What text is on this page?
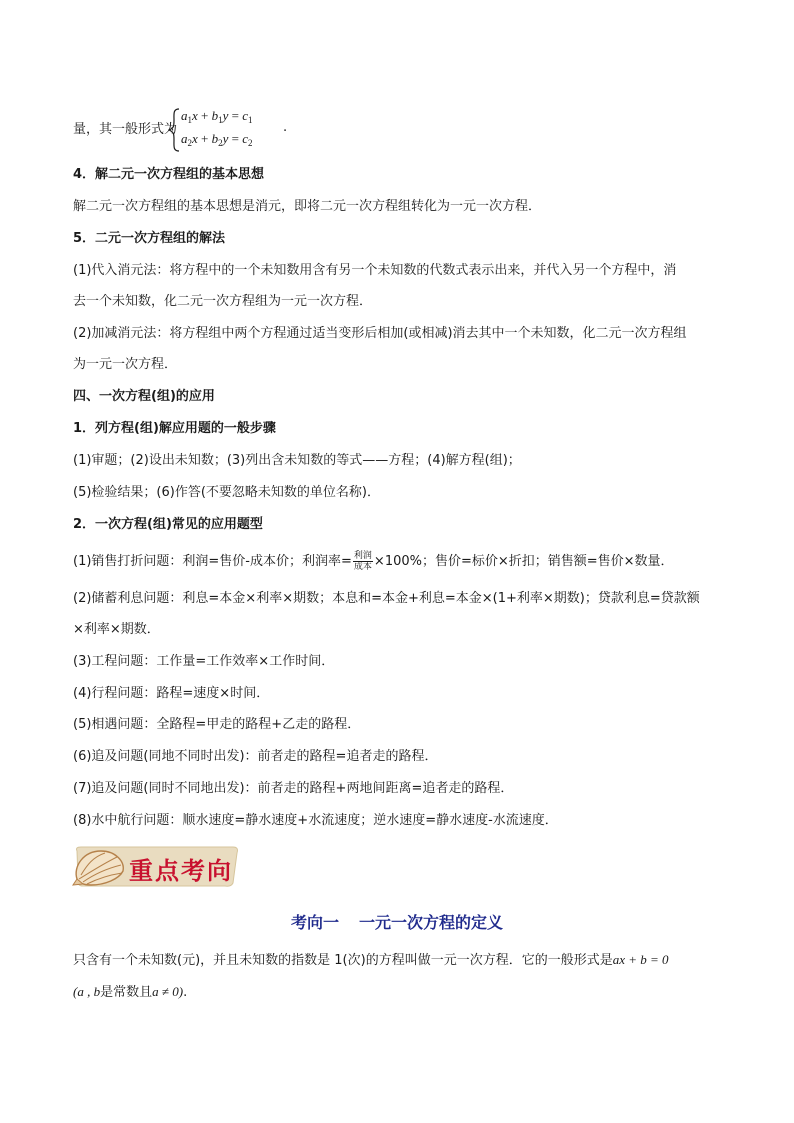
量，其一般形式为
$a_1x + b_1y = c_1$
$a_2x + b_2y = c_2$
.
4．解二元一次方程组的基本思想
解二元一次方程组的基本思想是消元，即将二元一次方程组转化为一元一次方程．
5．二元一次方程组的解法
(1)代入消元法：将方程中的一个未知数用含有另一个未知数的代数式表示出来，并代入另一个方程中，消
去一个未知数，化二元一次方程组为一元一次方程．
(2)加减消元法：将方程组中两个方程通过适当变形后相加(或相减)消去其中一个未知数，化二元一次方程组
为一元一次方程．
四、一次方程(组)的应用
1．列方程(组)解应用题的一般步骤
(1)审题；(2)设出未知数；(3)列出含未知数的等式——方程；(4)解方程(组)；
(5)检验结果；(6)作答(不要忽略未知数的单位名称)．
2．一次方程(组)常见的应用题型
(1)销售打折问题：利润=售价-成本价；利润率= $\frac{\text{利润}}{\text{成本}} \times 100\%$；售价=标价×折扣；销售额=售价×数量．
(2)储蓄利息问题：利息=本金×利率×期数；本息和=本金+利息=本金×(1+利率×期数)；贷款利息=贷款额
×利率×期数．
(3)工程问题：工作量=工作效率×工作时间．
(4)行程问题：路程=速度×时间．
(5)相遇问题：全路程=甲走的路程+乙走的路程．
(6)追及问题(同地不同时出发)：前者走的路程=追者走的路程．
(7)追及问题(同时不同地出发)：前者走的路程+两地间距离=追者走的路程．
(8)水中航行问题：顺水速度=静水速度+水流速度；逆水速度=静水速度-水流速度．
重点考向
考向一 一元一次方程的定义
只含有一个未知数(元)，并且未知数的指数是 1(次)的方程叫做一元一次方程．它的一般形式是ax + b = 0
(a , b是常数且a ≠ 0).
